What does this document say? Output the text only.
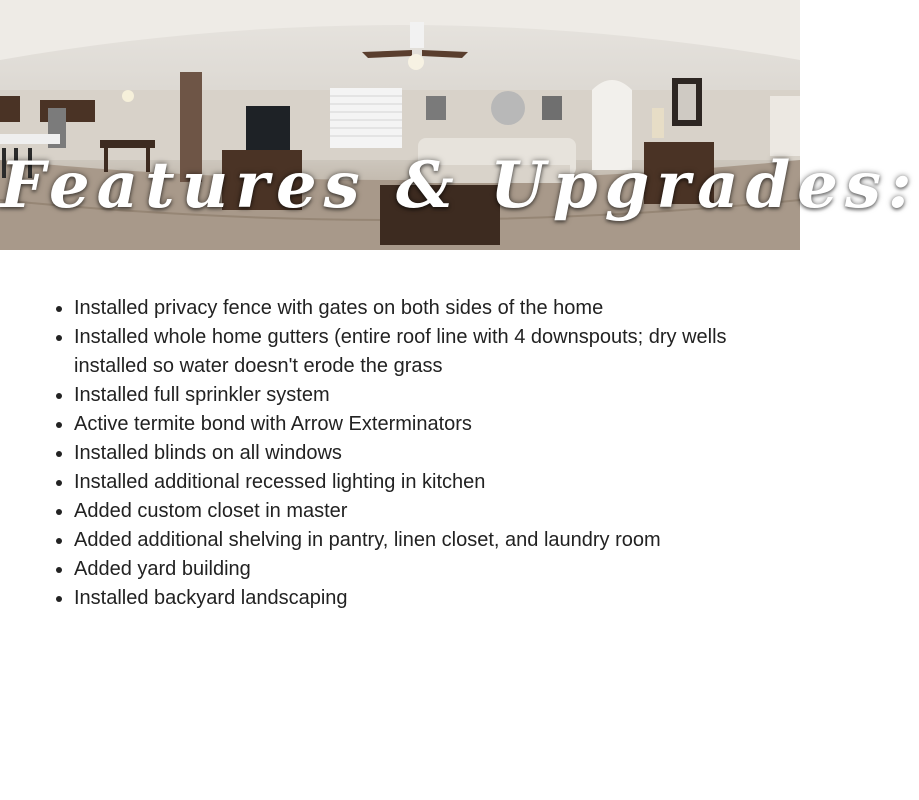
Features & Upgrades:
Installed privacy fence with gates on both sides of the home
Installed whole home gutters (entire roof line with 4 downspouts; dry wells installed so water doesn't erode the grass
Installed full sprinkler system
Active termite bond with Arrow Exterminators
Installed blinds on all windows
Installed additional recessed lighting in kitchen
Added custom closet in master
Added additional shelving in pantry, linen closet, and laundry room
Added yard building
Installed backyard landscaping
